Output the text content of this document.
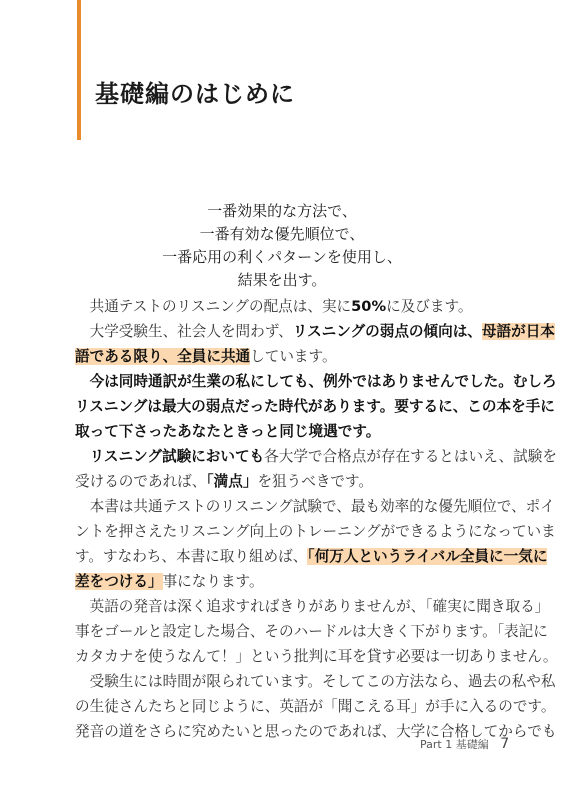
基礎編のはじめに
一番効果的な方法で、
一番有効な優先順位で、
一番応用の利くパターンを使用し、
結果を出す。
　共通テストのリスニングの配点は、実に50%に及びます。
　大学受験生、社会人を問わず、リスニングの弱点の傾向は、母語が日本
語である限り、全員に共通しています。
　今は同時通訳が生業の私にしても、例外ではありませんでした。むしろ
リスニングは最大の弱点だった時代があります。要するに、この本を手に
取って下さったあなたときっと同じ境遇です。
　リスニング試験においても各大学で合格点が存在するとはいえ、試験を
受けるのであれば、「満点」を狙うべきです。
　本書は共通テストのリスニング試験で、最も効率的な優先順位で、ポイ
ントを押さえたリスニング向上のトレーニングができるようになっていま
す。すなわち、本書に取り組めば、「何万人というライバル全員に一気に
差をつける」事になります。
　英語の発音は深く追求すればきりがありませんが、「確実に聞き取る」
事をゴールと設定した場合、そのハードルは大きく下がります。「表記に
カタカナを使うなんて！」という批判に耳を貸す必要は一切ありません。
　受験生には時間が限られています。そしてこの方法なら、過去の私や私
の生徒さんたちと同じように、英語が「聞こえる耳」が手に入るのです。
発音の道をさらに究めたいと思ったのであれば、大学に合格してからでも
Part 1 基礎編 7
